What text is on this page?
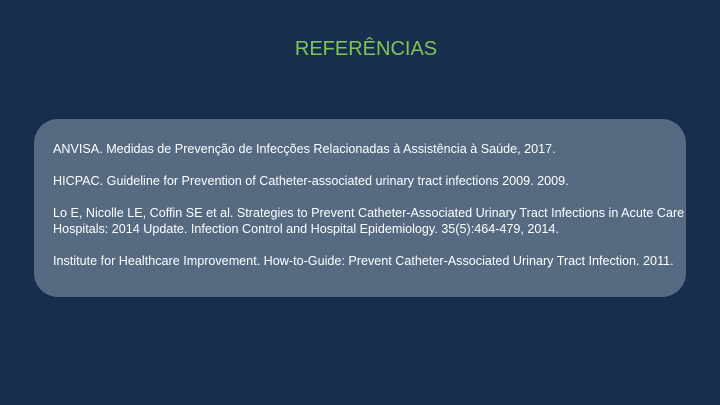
REFERÊNCIAS

ANVISA. Medidas de Prevenção de Infecções Relacionadas à Assistência à Saúde, 2017.

HICPAC. Guideline for Prevention of Catheter-associated urinary tract infections 2009. 2009.

Lo E, Nicolle LE, Coffin SE et al. Strategies to Prevent Catheter-Associated Urinary Tract Infections in Acute Care Hospitals: 2014 Update. Infection Control and Hospital Epidemiology. 35(5):464-479, 2014.

Institute for Healthcare Improvement. How-to-Guide: Prevent Catheter-Associated Urinary Tract Infection. 2011.
